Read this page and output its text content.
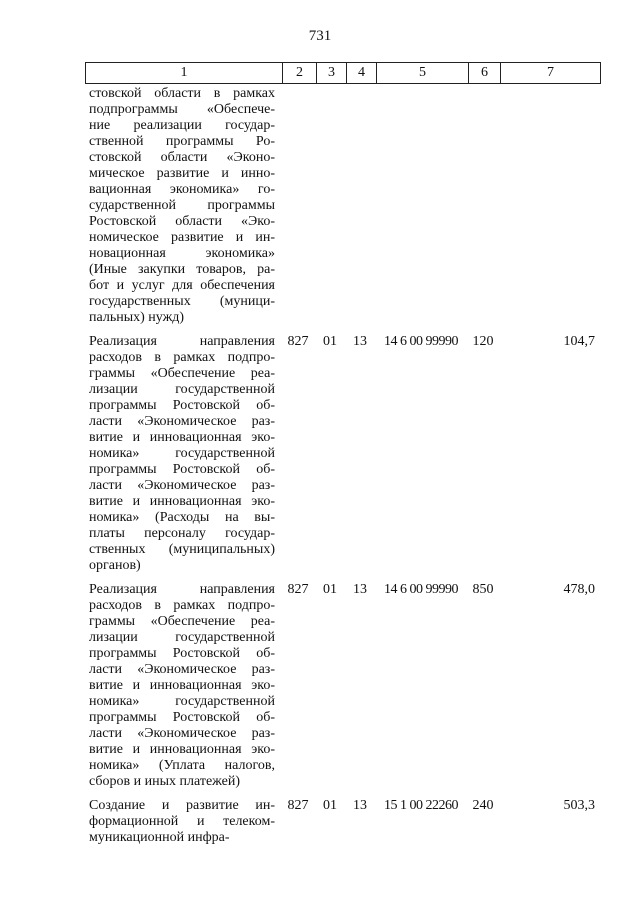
731
1	2	3	4	5	6	7
стовской области в рамках
подпрограммы «Обеспече-
ние реализации государ-
ственной программы Ро-
стовской области «Эконо-
мическое развитие и инно-
вационная экономика» го-
сударственной программы
Ростовской области «Эко-
номическое развитие и ин-
новационная экономика»
(Иные закупки товаров, ра-
бот и услуг для обеспечения
государственных (муници-
пальных) нужд)
Реализация направления
расходов в рамках подпро-
граммы «Обеспечение реа-
лизации государственной
программы Ростовской об-
ласти «Экономическое раз-
витие и инновационная эко-
номика» государственной
программы Ростовской об-
ласти «Экономическое раз-
витие и инновационная эко-
номика» (Расходы на вы-
платы персоналу государ-
ственных (муниципальных)
органов)
827	01	13	14 6 00 99990	120	104,7
Реализация направления
расходов в рамках подпро-
граммы «Обеспечение реа-
лизации государственной
программы Ростовской об-
ласти «Экономическое раз-
витие и инновационная эко-
номика» государственной
программы Ростовской об-
ласти «Экономическое раз-
витие и инновационная эко-
номика» (Уплата налогов,
сборов и иных платежей)
827	01	13	14 6 00 99990	850	478,0
Создание и развитие ин-
формационной и телеком-
муникационной инфра-
827	01	13	15 1 00 22260	240	503,3
